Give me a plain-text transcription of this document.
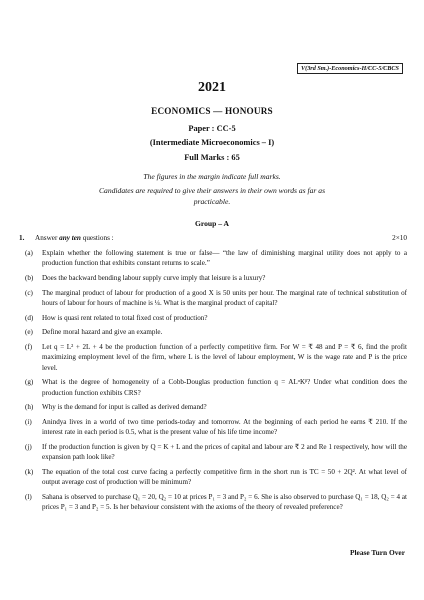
V(3rd Sm.)-Economics-H/CC-5/CBCS
2021
ECONOMICS — HONOURS
Paper : CC-5
(Intermediate Microeconomics – I)
Full Marks : 65
The figures in the margin indicate full marks.
Candidates are required to give their answers in their own words as far as practicable.
Group – A
1. Answer any ten questions :	2×10
(a) Explain whether the following statement is true or false— “the law of diminishing marginal utility does not apply to a production function that exhibits constant returns to scale.”
(b) Does the backward bending labour supply curve imply that leisure is a luxury?
(c) The marginal product of labour for production of a good X is 50 units per hour. The marginal rate of technical substitution of hours of labour for hours of machine is ¼. What is the marginal product of capital?
(d) How is quasi rent related to total fixed cost of production?
(e) Define moral hazard and give an example.
(f) Let q = L² + 2L + 4 be the production function of a perfectly competitive firm. For W = ₹ 48 and P = ₹ 6, find the profit maximizing employment level of the firm, where L is the level of labour employment, W is the wage rate and P is the price level.
(g) What is the degree of homogeneity of a Cobb-Douglas production function q = ALᵅKᵝ? Under what condition does the production function exhibits CRS?
(h) Why is the demand for input is called as derived demand?
(i) Anindya lives in a world of two time periods-today and tomorrow. At the beginning of each period he earns ₹ 210. If the interest rate in each period is 0.5, what is the present value of his life time income?
(j) If the production function is given by Q = K + L and the prices of capital and labour are ₹ 2 and Re 1 respectively, how will the expansion path look like?
(k) The equation of the total cost curve facing a perfectly competitive firm in the short run is TC = 50 + 2Q². At what level of output average cost of production will be minimum?
(l) Sahana is observed to purchase Q₁ = 20, Q₂ = 10 at prices P₁ = 3 and P₂ = 6. She is also observed to purchase Q₁ = 18, Q₂ = 4 at prices P₁ = 3 and P₂ = 5. Is her behaviour consistent with the axioms of the theory of revealed preference?
Please Turn Over
